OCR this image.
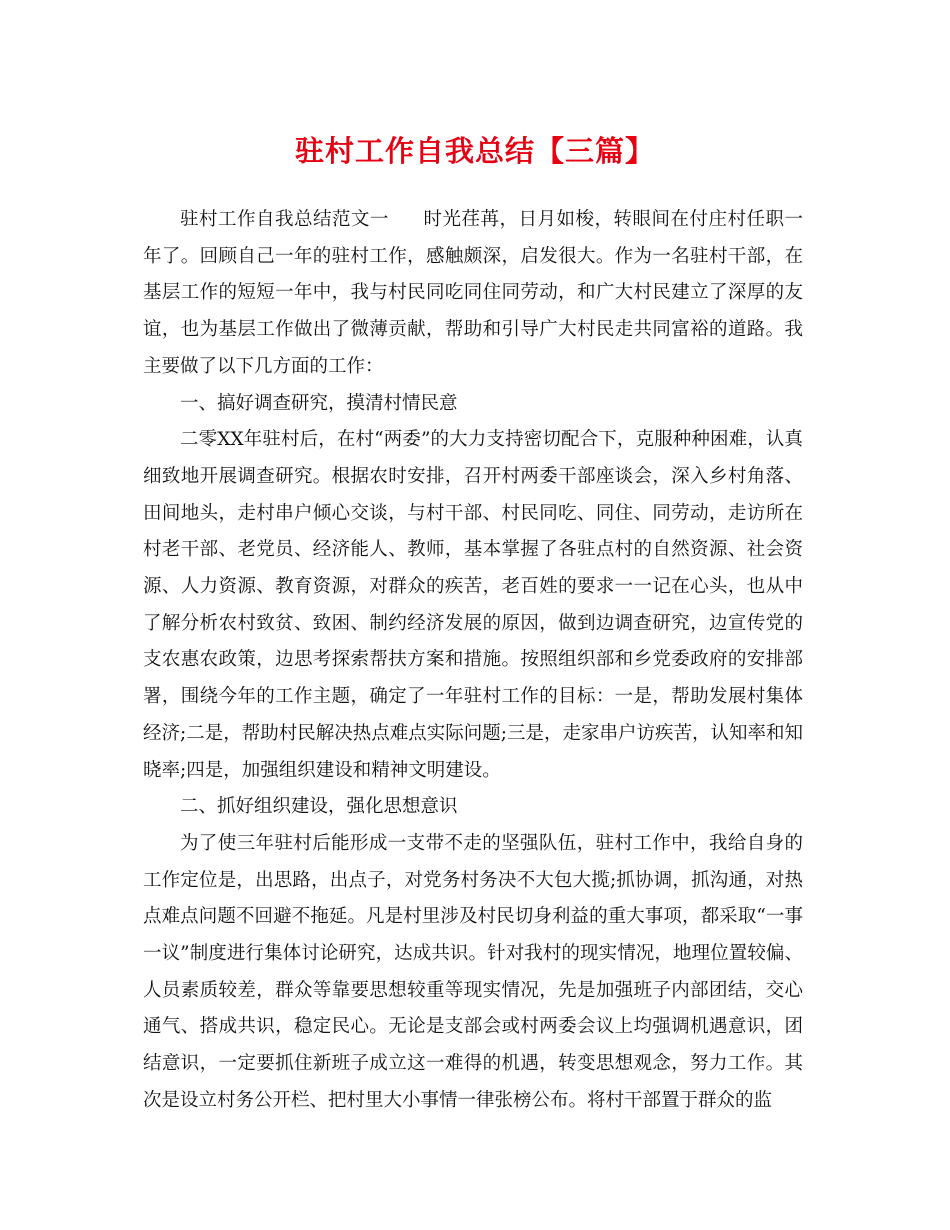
驻村工作自我总结【三篇】

驻村工作自我总结范文一 时光荏苒，日月如梭，转眼间在付庄村任职一年了。回顾自己一年的驻村工作，感触颇深，启发很大。作为一名驻村干部，在基层工作的短短一年中，我与村民同吃同住同劳动，和广大村民建立了深厚的友谊，也为基层工作做出了微薄贡献，帮助和引导广大村民走共同富裕的道路。我主要做了以下几方面的工作：

一、搞好调查研究，摸清村情民意

二零XX年驻村后，在村“两委”的大力支持密切配合下，克服种种困难，认真细致地开展调查研究。根据农时安排，召开村两委干部座谈会，深入乡村角落、田间地头，走村串户倾心交谈，与村干部、村民同吃、同住、同劳动，走访所在村老干部、老党员、经济能人、教师，基本掌握了各驻点村的自然资源、社会资源、人力资源、教育资源，对群众的疾苦，老百姓的要求一一记在心头，也从中了解分析农村致贫、致困、制约经济发展的原因，做到边调查研究，边宣传党的支农惠农政策，边思考探索帮扶方案和措施。按照组织部和乡党委政府的安排部署，围绕今年的工作主题，确定了一年驻村工作的目标：一是，帮助发展村集体经济;二是，帮助村民解决热点难点实际问题;三是，走家串户访疾苦，认知率和知晓率;四是，加强组织建设和精神文明建设。

二、抓好组织建设，强化思想意识

为了使三年驻村后能形成一支带不走的坚强队伍，驻村工作中，我给自身的工作定位是，出思路，出点子，对党务村务决不大包大揽;抓协调，抓沟通，对热点难点问题不回避不拖延。凡是村里涉及村民切身利益的重大事项，都采取“一事一议”制度进行集体讨论研究，达成共识。针对我村的现实情况，地理位置较偏、人员素质较差，群众等靠要思想较重等现实情况，先是加强班子内部团结，交心通气、搭成共识，稳定民心。无论是支部会或村两委会议上均强调机遇意识，团结意识，一定要抓住新班子成立这一难得的机遇，转变思想观念，努力工作。其次是设立村务公开栏、把村里大小事情一律张榜公布。将村干部置于群众的监
